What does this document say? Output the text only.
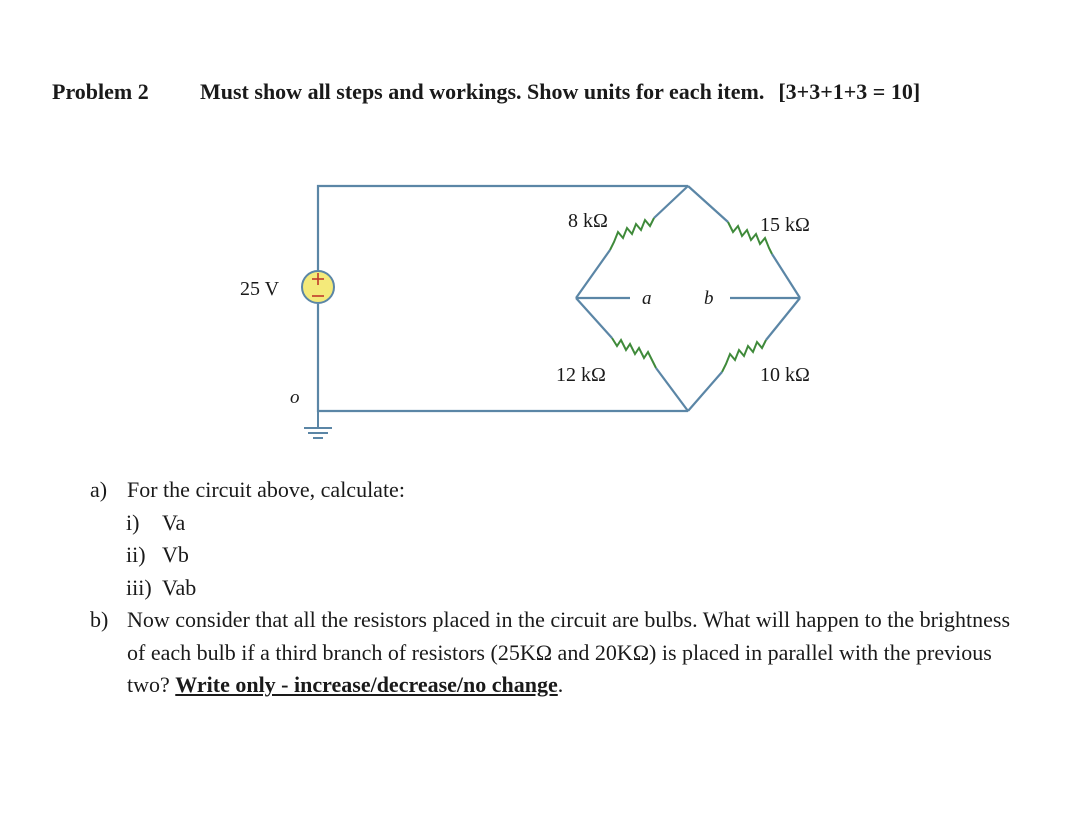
Problem 2 Must show all steps and workings. Show units for each item. [3+3+1+3 = 10]
25 V
o
8 kΩ	15 kΩ
12 kΩ	10 kΩ
a	b
a) For the circuit above, calculate:
i) Va
ii) Vb
iii) Vab
b) Now consider that all the resistors placed in the circuit are bulbs. What will happen to the brightness of each bulb if a third branch of resistors (25KΩ and 20KΩ) is placed in parallel with the previous two? Write only - increase/decrease/no change.
